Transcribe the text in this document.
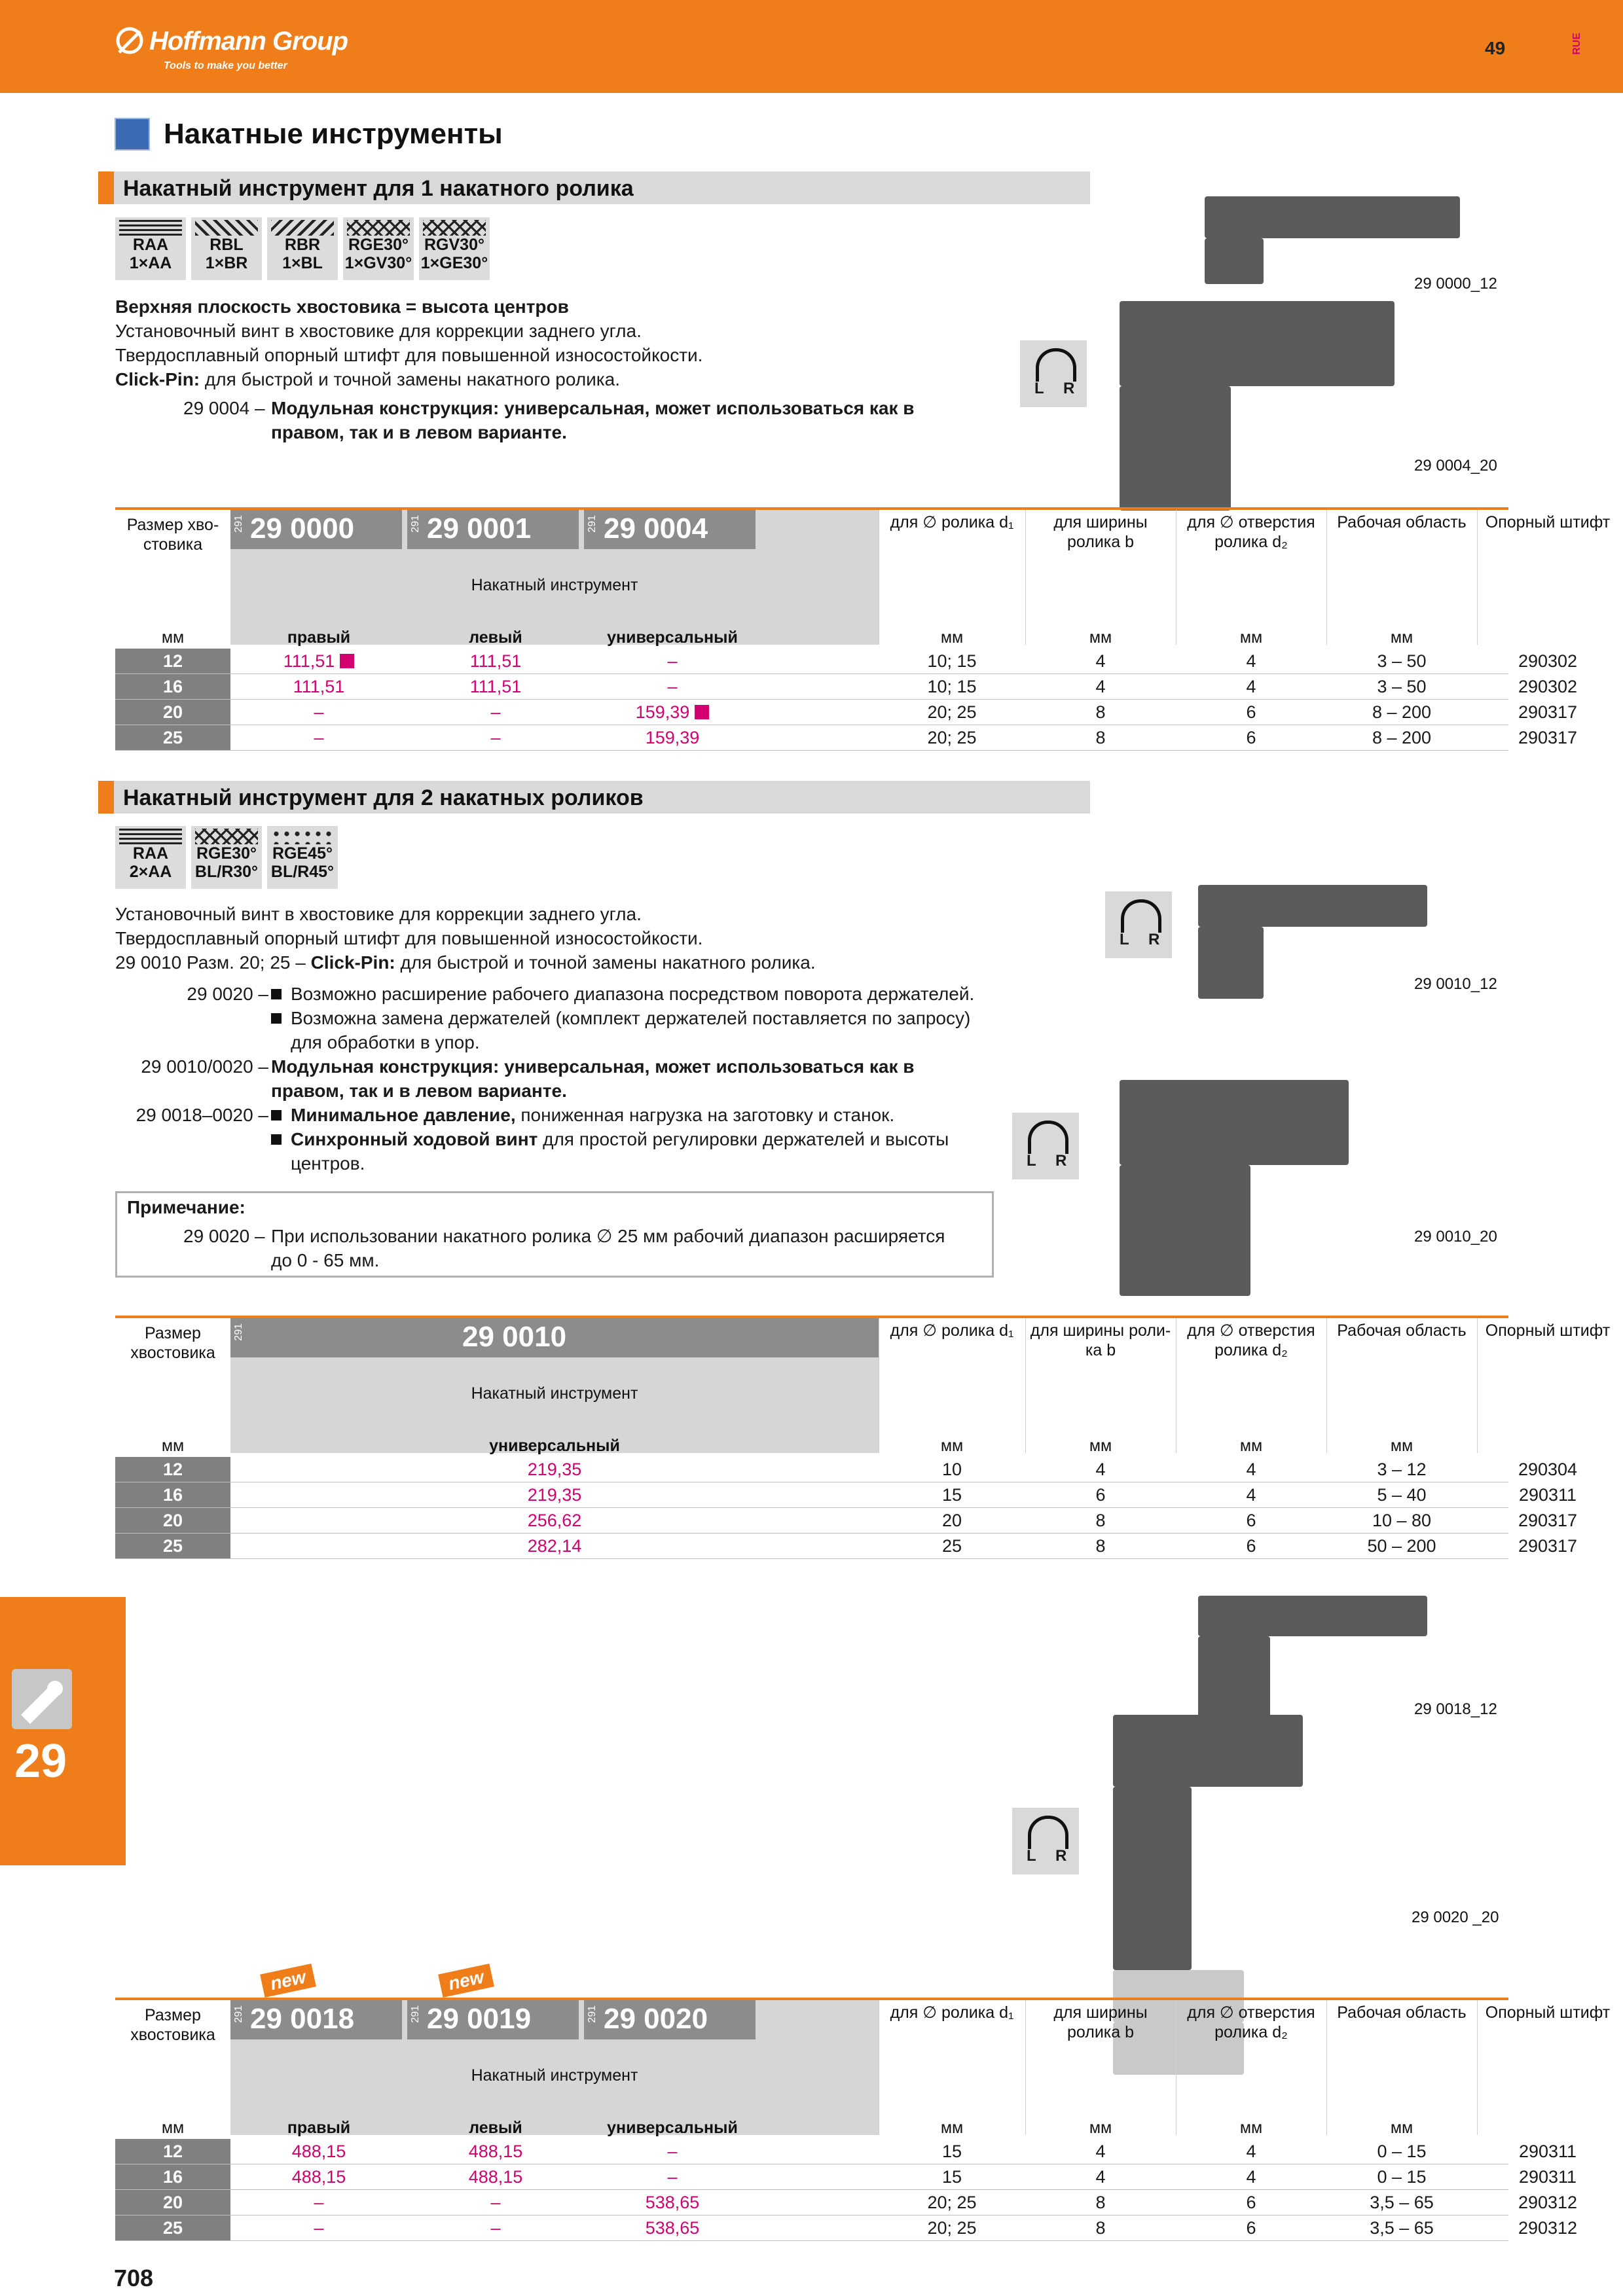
Hoffmann Group
Tools to make you better
49	RUE
Накатные инструменты
Накатный инструмент для 1 накатного ролика
RAA
1×AA
RBL
1×BR
RBR
1×BL
RGE30°
1×GV30°
RGV30°
1×GE30°
Верхняя плоскость хвостовика = высота центров
Установочный винт в хвостовике для коррекции заднего угла.
Твердосплавный опорный штифт для повышенной износостойкости.
Click-Pin: для быстрой и точной замены накатного ролика.
29 0004 – Модульная конструкция: универсальная, может использоваться как в
правом, так и в левом варианте.
L R
29 0000_12
29 0004_20
Размер хво-стовика
291 29 0000	291 29 0001	291 29 0004
Накатный инструмент
для ∅ ролика d₁	для ширины ролика b
для ∅ отверстия ролика d₂
Рабочая область	Опорный штифт
мм	правый	левый	универсальный	мм	мм	мм	мм
12	111,51	111,51	–	10; 15	4	4	3 – 50	290302
16	111,51	111,51	–	10; 15	4	4	3 – 50	290302
20	–	–	159,39	20; 25	8	6	8 – 200	290317
25	–	–	159,39	20; 25	8	6	8 – 200	290317
Накатный инструмент для 2 накатных роликов
RAA
2×AA
RGE30°
BL/R30°
RGE45°
BL/R45°
Установочный винт в хвостовике для коррекции заднего угла.
Твердосплавный опорный штифт для повышенной износостойкости.
29 0010 Разм. 20; 25 – Click-Pin: для быстрой и точной замены накатного ролика.
29 0020 –

29 0010/0020 –

29 0018–0020 –
Возможно расширение рабочего диапазона посредством поворота держателей.
Возможна замена держателей (комплект держателей поставляется по запросу)
для обработки в упор.
Модульная конструкция: универсальная, может использоваться как в
правом, так и в левом варианте.
Минимальное давление, пониженная нагрузка на заготовку и станок.
Синхронный ходовой винт для простой регулировки держателей и высоты
центров.
Примечание:
29 0020 – При использовании накатного ролика ∅ 25 мм рабочий диапазон расширяется
до 0 - 65 мм.
L R
L R
29 0010_12
29 0010_20
Размер хвостовика
291	29 0010
Накатный инструмент
для ∅ ролика d₁	для ширины роли-ка b
для ∅ отверстия ролика d₂
Рабочая область	Опорный штифт
мм	универсальный	мм	мм	мм	мм
12	219,35	10	4	4	3 – 12	290304
16	219,35	15	6	4	5 – 40	290311
20	256,62	20	8	6	10 – 80	290317
25	282,14	25	8	6	50 – 200	290317
29 0018_12
29 0020 _20
L R
new	new
Размер хвостовика
291 29 0018	291 29 0019	291 29 0020
Накатный инструмент
для ∅ ролика d₁	для ширины ролика b
для ∅ отверстия ролика d₂
Рабочая область	Опорный штифт
мм	правый	левый	универсальный	мм	мм	мм	мм
12	488,15	488,15	–	15	4	4	0 – 15	290311
16	488,15	488,15	–	15	4	4	0 – 15	290311
20	–	–	538,65	20; 25	8	6	3,5 – 65	290312
25	–	–	538,65	20; 25	8	6	3,5 – 65	290312
29
708
